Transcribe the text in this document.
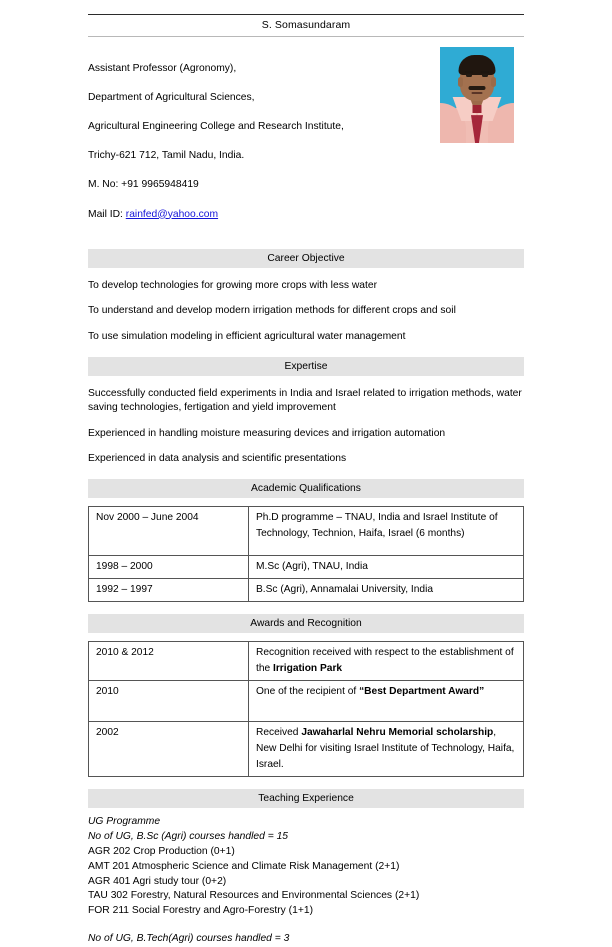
S. Somasundaram

Assistant Professor (Agronomy),

Department of Agricultural Sciences,

Agricultural Engineering College and Research Institute,

Trichy-621 712, Tamil Nadu, India.

M. No: +91 9965948419

Mail ID: rainfed@yahoo.com

Career Objective
To develop technologies for growing more crops with less water
To understand and develop modern irrigation methods for different crops and soil
To use simulation modeling in efficient agricultural water management
Expertise
Successfully conducted field experiments in India and Israel related to irrigation methods, water saving technologies, fertigation and yield improvement
Experienced in handling moisture measuring devices and irrigation automation
Experienced in data analysis and scientific presentations
Academic Qualifications
Nov 2000 – June 2004	Ph.D programme – TNAU, India and Israel Institute of Technology, Technion, Haifa, Israel (6 months)
1998 – 2000	M.Sc (Agri), TNAU, India
1992 – 1997	B.Sc (Agri), Annamalai University, India
Awards and Recognition
2010 & 2012	Recognition received with respect to the establishment of the Irrigation Park
2010	One of the recipient of “Best Department Award”
2002	Received Jawaharlal Nehru Memorial scholarship, New Delhi for visiting Israel Institute of Technology, Haifa, Israel.
Teaching Experience
UG Programme
No of UG, B.Sc (Agri) courses handled = 15
AGR 202 Crop Production (0+1)
AMT 201 Atmospheric Science and Climate Risk Management (2+1)
AGR 401 Agri study tour (0+2)
TAU 302 Forestry, Natural Resources and Environmental Sciences (2+1)
FOR 211 Social Forestry and Agro-Forestry (1+1)
No of UG, B.Tech(Agri) courses handled = 3
